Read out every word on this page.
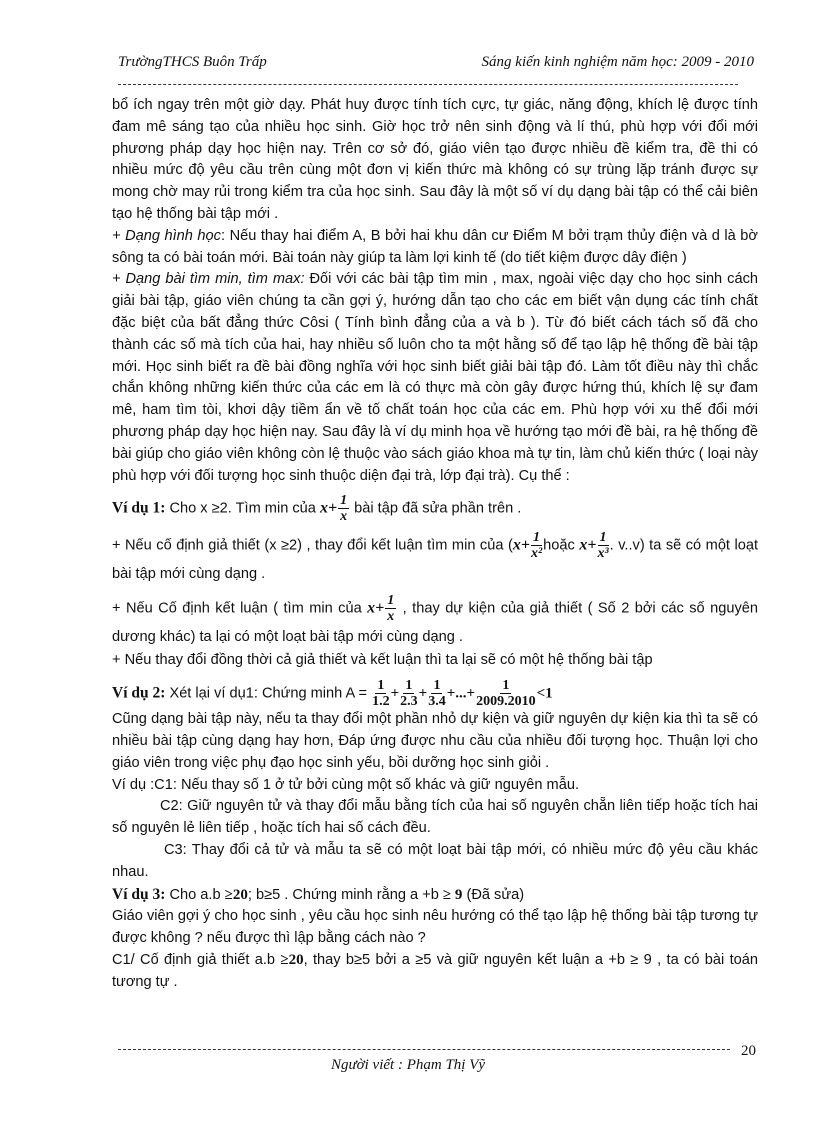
TrườngTHCS Buôn Trấp	Sáng kiến kinh nghiệm năm học: 2009 - 2010

bổ ích ngay trên một giờ dạy. Phát huy được tính tích cực, tự giác, năng động, khích lệ được tính đam mê sáng tạo của nhiều học sinh. Giờ học trở nên sinh động và lí thú, phù hợp với đổi mới phương pháp dạy học hiện nay. Trên cơ sở đó, giáo viên tạo được nhiều đề kiểm tra, đề thi có nhiều mức độ yêu cầu trên cùng một đơn vị kiến thức mà không có sự trùng lặp tránh được sự mong chờ may rủi trong kiểm tra của học sinh. Sau đây là một số ví dụ dạng bài tập có thể cải biên tạo hệ thống bài tập mới .

+ Dạng hình học: Nếu thay hai điểm A, B bởi hai khu dân cư Điểm M bởi trạm thủy điện và d là bờ sông ta có bài toán mới. Bài toán này giúp ta làm lợi kinh tế (do tiết kiệm được dây điện )

+ Dạng bài tìm min, tìm max: Đối với các bài tập tìm min , max, ngoài việc dạy cho học sinh cách giải bài tập, giáo viên chúng ta cần gợi ý, hướng dẫn tạo cho các em biết vận dụng các tính chất đặc biệt của bất đẳng thức Côsi ( Tính bình đẳng của a và b ). Từ đó biết cách tách số đã cho thành các số mà tích của hai, hay nhiều số luôn cho ta một hằng số để tạo lập hệ thống đề bài tập mới. Học sinh biết ra đề bài đồng nghĩa với học sinh biết giải bài tập đó. Làm tốt điều này thì chắc chắn không những kiến thức của các em là có thực mà còn gây được hứng thú, khích lệ sự đam mê, ham tìm tòi, khơi dậy tiềm ẩn về tố chất toán học của các em. Phù hợp với xu thế đổi mới phương pháp dạy học hiện nay. Sau đây là ví dụ minh họa về hướng tạo mới đề bài, ra hệ thống đề bài giúp cho giáo viên không còn lệ thuộc vào sách giáo khoa mà tự tin, làm chủ kiến thức ( loại này phù hợp với đối tượng học sinh thuộc diện đại trà, lớp đại trà). Cụ thể :

Ví dụ 1: Cho x ≥2. Tìm min của $x+ \frac{1}{x}$ bài tập đã sửa phần trên .

+ Nếu cố định giả thiết (x ≥2) , thay đổi kết luận tìm min của ($x+ \frac{1}{\text{x²}}$ hoặc $x+ \frac{1}{\text{x³}}$ . v..v) ta sẽ có một loạt bài tập mới cùng dạng .

+ Nếu Cố định kết luận ( tìm min của $x+ \frac{1}{x}$ , thay dự kiện của giả thiết ( Số 2 bởi các số nguyên dương khác) ta lại có một loạt bài tập mới cùng dạng .

+ Nếu thay đổi đồng thời cả giả thiết và kết luận thì ta lại sẽ có một hệ thống bài tập

Ví dụ 2: Xét lại ví dụ1: Chứng minh $A = \frac{1}{1.2} + \frac{1}{2.3} + \frac{1}{3.4}$ +...+ $\frac{1}{2009.2010} <1$

Cũng dạng bài tập này, nếu ta thay đổi một phần nhỏ dự kiện và giữ nguyên dự kiện kia thì ta sẽ có nhiều bài tập cùng dạng hay hơn, Đáp ứng được nhu cầu của nhiều đối tượng học. Thuận lợi cho giáo viên trong việc phụ đạo học sinh yếu, bồi dưỡng học sinh giỏi .

Ví dụ :C1: Nếu thay số 1 ở tử bởi cùng một số khác và giữ nguyên mẫu.

C2: Giữ nguyên tử và thay đổi mẫu bằng tích của hai số nguyên chẵn liên tiếp hoặc tích hai số nguyên lẻ liên tiếp , hoặc tích hai số cách đều.

C3: Thay đổi cả tử và mẫu ta sẽ có một loạt bài tập mới, có nhiều mức độ yêu cầu khác nhau.

Ví dụ 3: Cho a.b ≥20; b≥5 . Chứng minh rằng a +b ≥ 9 (Đã sửa)

Giáo viên gợi ý cho học sinh , yêu cầu học sinh nêu hướng có thể tạo lập hệ thống bài tập tương tự được không ? nếu được thì lập bằng cách nào ?

C1/ Cố định giả thiết a.b ≥20, thay b≥5 bởi a ≥5 và giữ nguyên kết luận a +b ≥ 9 , ta có bài toán tương tự .

20
Người viết : Phạm Thị Vỹ
